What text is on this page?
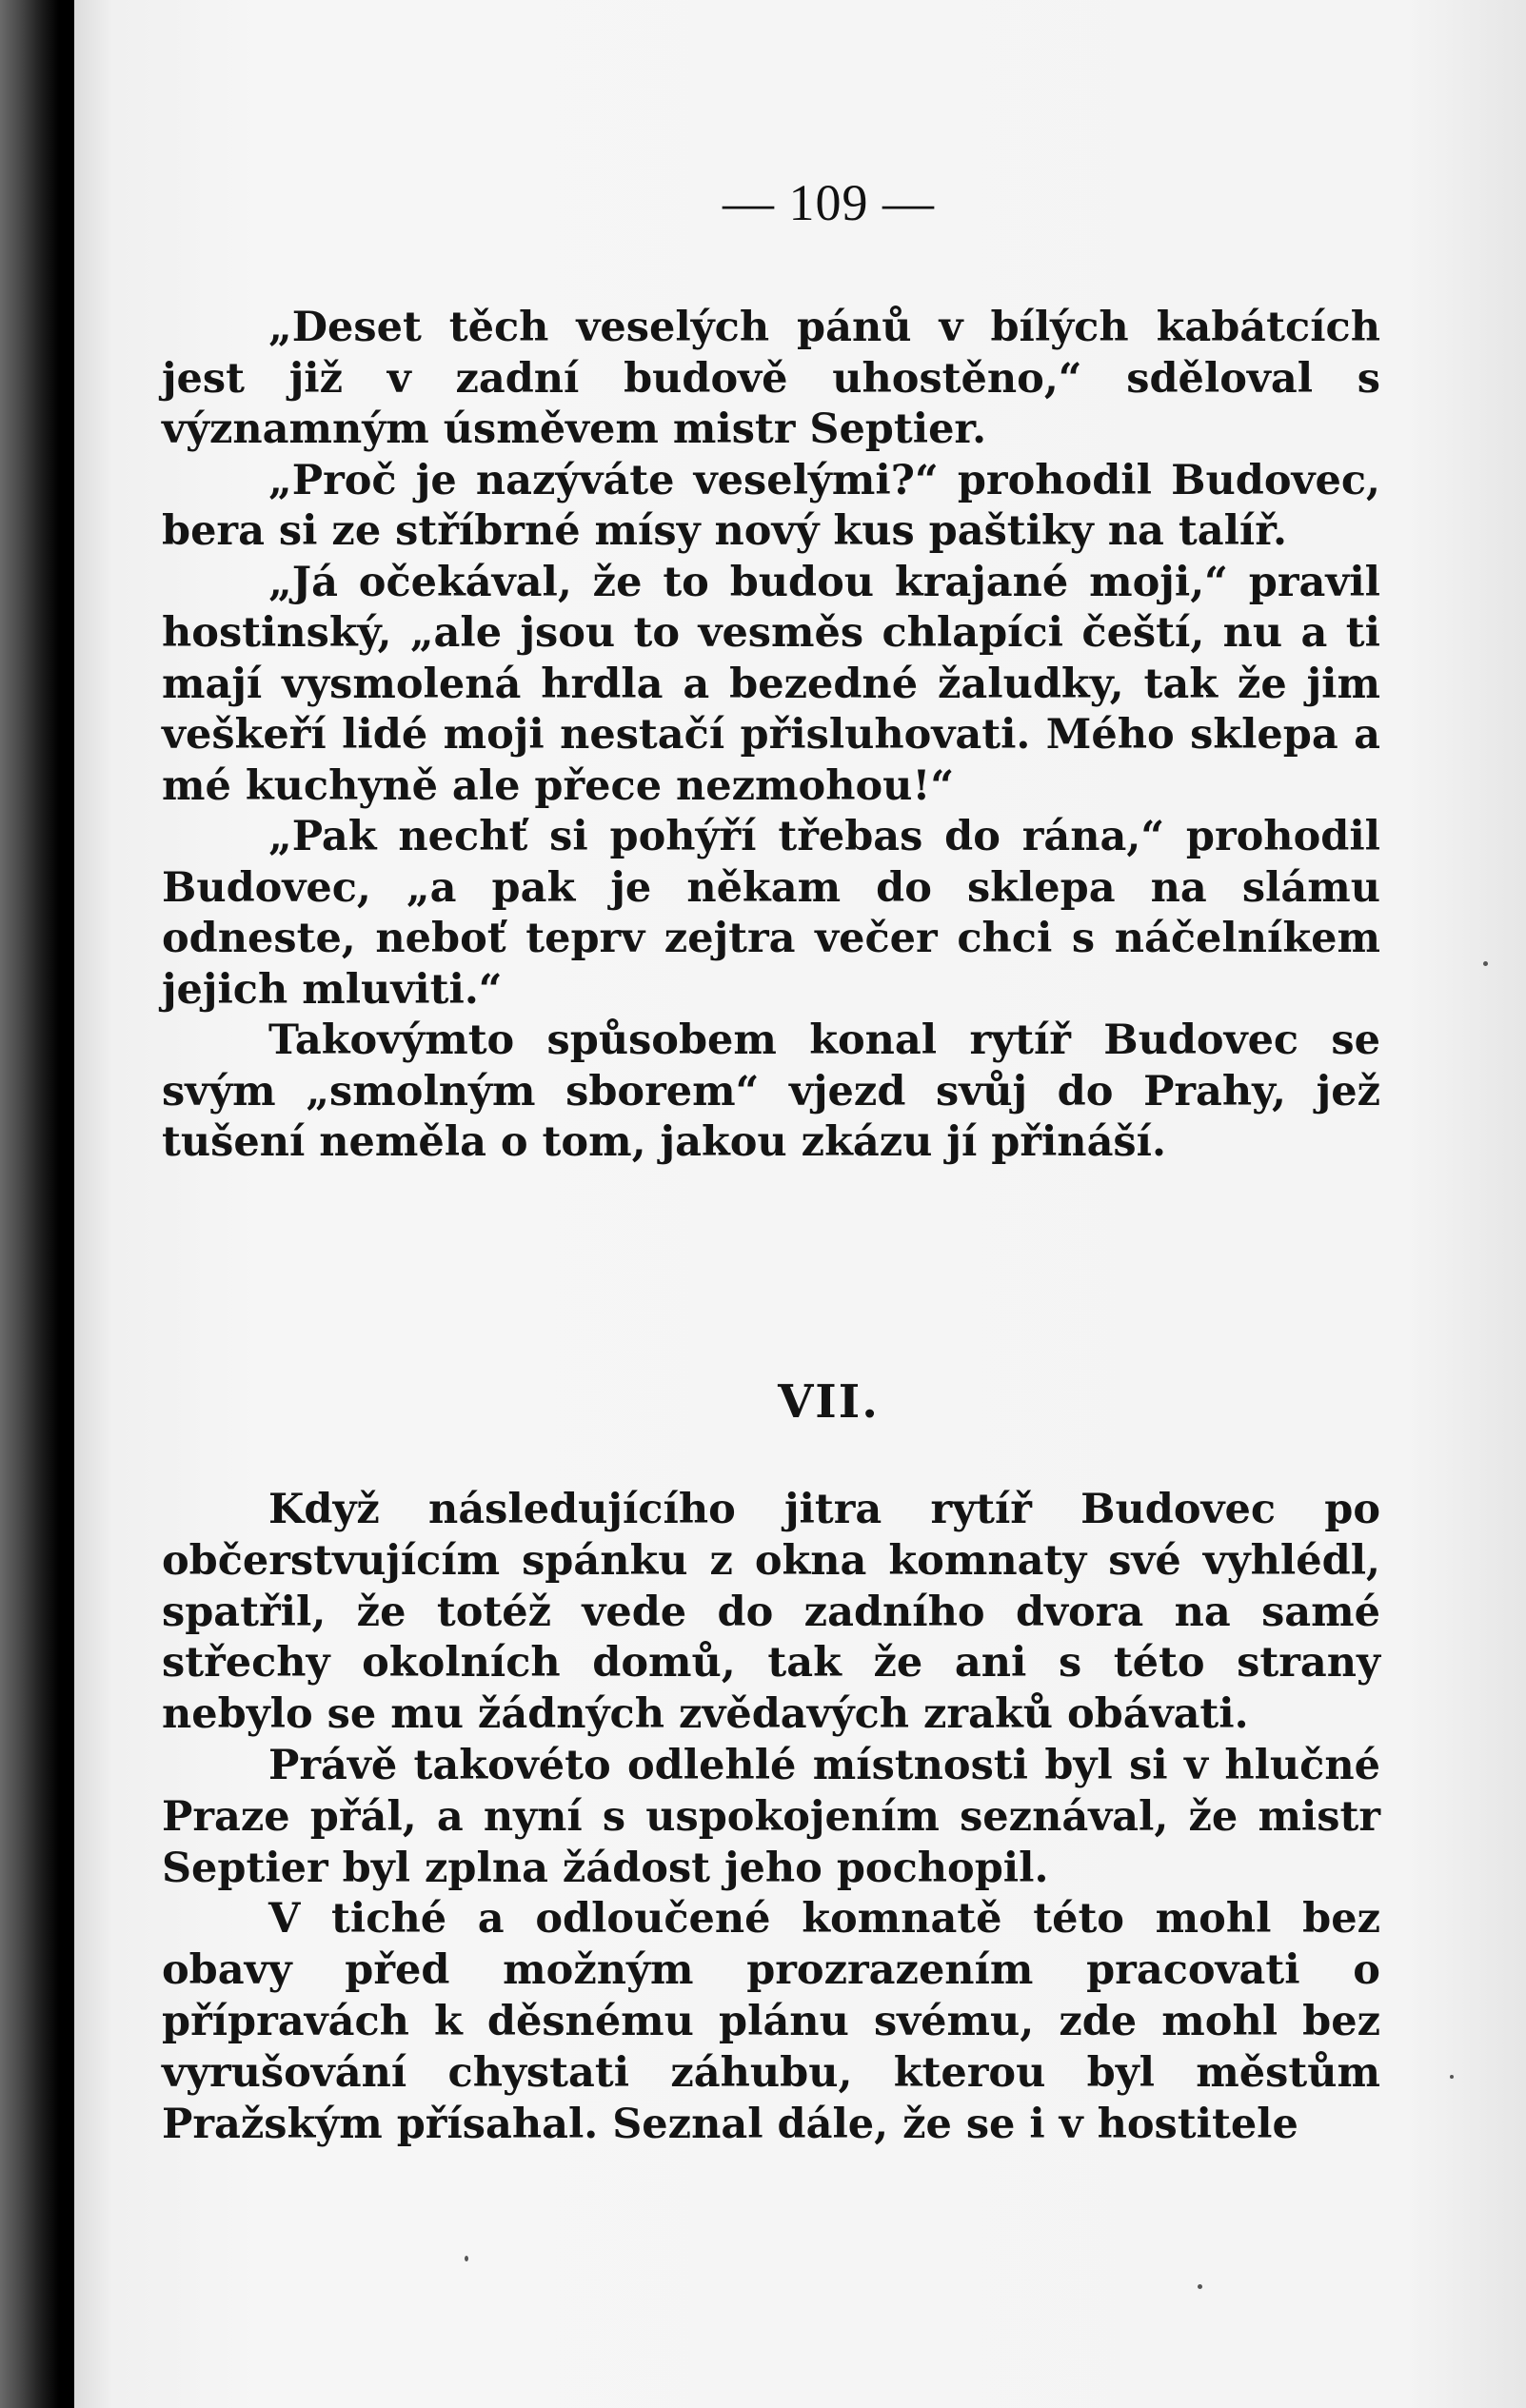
— 109 —

„Deset těch veselých pánů v bílých kabátcích jest již v zadní budově uhostěno,“ sděloval s významným úsměvem mistr Septier.

„Proč je nazýváte veselými?“ prohodil Budovec, bera si ze stříbrné mísy nový kus paštiky na talíř.

„Já očekával, že to budou krajané moji,“ pravil hostinský, „ale jsou to vesměs chlapíci čeští, nu a ti mají vysmolená hrdla a bezedné žaludky, tak že jim veškeří lidé moji nestačí přisluhovati. Mého sklepa a mé kuchyně ale přece nezmohou!“

„Pak nechť si pohýří třebas do rána,“ prohodil Budovec, „a pak je někam do sklepa na slámu odneste, neboť teprv zejtra večer chci s náčelníkem jejich mluviti.“

Takovýmto spůsobem konal rytíř Budovec se svým „smolným sborem“ vjezd svůj do Prahy, jež tušení neměla o tom, jakou zkázu jí přináší.

VII.

Když následujícího jitra rytíř Budovec po občerstvujícím spánku z okna komnaty své vyhlédl, spatřil, že totéž vede do zadního dvora na samé střechy okolních domů, tak že ani s této strany nebylo se mu žádných zvědavých zraků obávati.

Právě takovéto odlehlé místnosti byl si v hlučné Praze přál, a nyní s uspokojením seznával, že mistr Septier byl zplna žádost jeho pochopil.

V tiché a odloučené komnatě této mohl bez obavy před možným prozrazením pracovati o přípravách k děsnému plánu svému, zde mohl bez vyrušování chystati záhubu, kterou byl městům Pražským přísahal. Seznal dále, že se i v hostitele
